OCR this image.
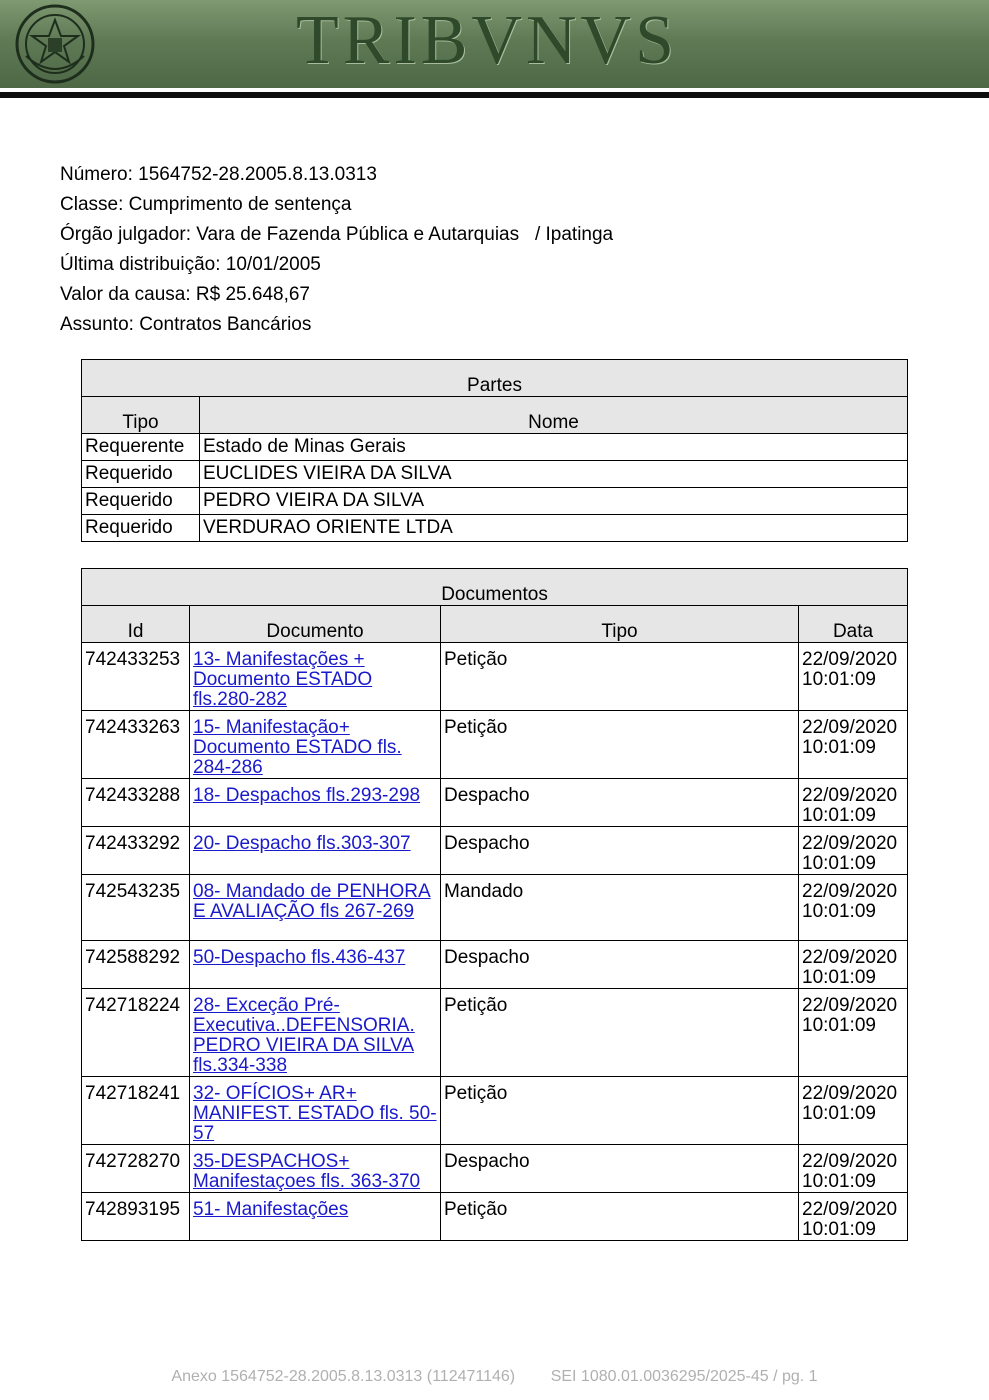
TRIBVNVS
Número: 1564752-28.2005.8.13.0313
Classe: Cumprimento de sentença
Órgão julgador: Vara de Fazenda Pública e Autarquias   / Ipatinga
Última distribuição: 10/01/2005
Valor da causa: R$ 25.648,67
Assunto: Contratos Bancários
Partes	
Tipo	Nome
Requerente	Estado de Minas Gerais
Requerido	EUCLIDES VIEIRA DA SILVA
Requerido	PEDRO VIEIRA DA SILVA
Requerido	VERDURAO ORIENTE LTDA
Documentos			
Id	Documento	Tipo	Data
742433253	13- Manifestações + Documento ESTADO fls.280-282	Petição	22/09/2020 10:01:09
742433263	15- Manifestação+ Documento ESTADO fls. 284-286	Petição	22/09/2020 10:01:09
742433288	18- Despachos fls.293-298	Despacho	22/09/2020 10:01:09
742433292	20- Despacho fls.303-307	Despacho	22/09/2020 10:01:09
742543235	08- Mandado de PENHORA E AVALIAÇÃO fls 267-269	Mandado	22/09/2020 10:01:09
742588292	50-Despacho fls.436-437	Despacho	22/09/2020 10:01:09
742718224	28- Exceção Pré-Executiva..DEFENSORIA. PEDRO VIEIRA DA SILVA fls.334-338	Petição	22/09/2020 10:01:09
742718241	32- OFÍCIOS+ AR+ MANIFEST. ESTADO fls. 50-57	Petição	22/09/2020 10:01:09
742728270	35-DESPACHOS+ Manifestaçoes fls. 363-370	Despacho	22/09/2020 10:01:09
742893195	51- Manifestações	Petição	22/09/2020 10:01:09
Anexo 1564752-28.2005.8.13.0313 (112471146)        SEI 1080.01.0036295/2025-45 / pg. 1
